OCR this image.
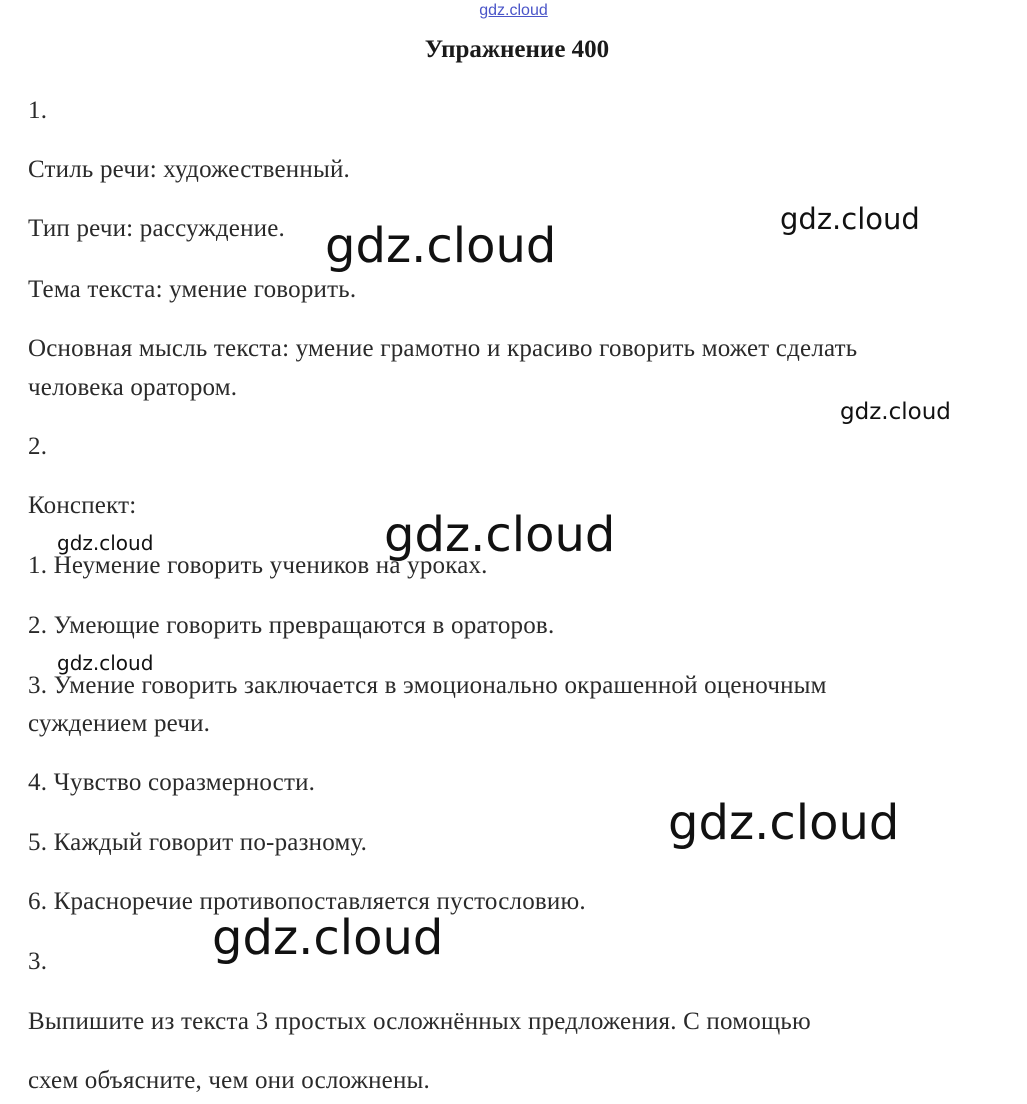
gdz.cloud
Упражнение 400
1.
Стиль речи: художественный.
Тип речи: рассуждение.
Тема текста: умение говорить.
Основная мысль текста: умение грамотно и красиво говорить может сделать
человека оратором.
2.
Конспект:
1. Неумение говорить учеников на уроках.
2. Умеющие говорить превращаются в ораторов.
3. Умение говорить заключается в эмоционально окрашенной оценочным
суждением речи.
4. Чувство соразмерности.
5. Каждый говорит по-разному.
6. Красноречие противопоставляется пустословию.
3.
Выпишите из текста 3 простых осложнённых предложения. С помощью
схем объясните, чем они осложнены.
gdz.cloud	gdz.cloud
gdz.cloud
gdz.cloud
gdz.cloud
gdz.cloud
gdz.cloud
gdz.cloud
